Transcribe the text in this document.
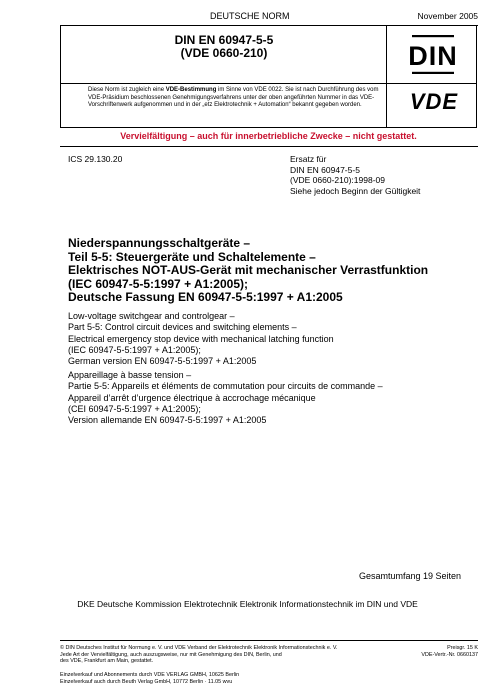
DEUTSCHE NORM	November 2005
DIN EN 60947-5-5
(VDE 0660-210)
Diese Norm ist zugleich eine VDE-Bestimmung im Sinne von VDE 0022. Sie ist nach Durchführung des vom VDE-Präsidium beschlossenen Genehmigungsverfahrens unter der oben angeführten Nummer in das VDE-Vorschriftenwerk aufgenommen und in der „etz Elektrotechnik + Automation“ bekannt gegeben worden.
DIN
VDE
Vervielfältigung – auch für innerbetriebliche Zwecke – nicht gestattet.
ICS 29.130.20	Ersatz für
DIN EN 60947-5-5
(VDE 0660-210):1998-09
Siehe jedoch Beginn der Gültigkeit
Niederspannungsschaltgeräte –
Teil 5-5: Steuergeräte und Schaltelemente –
Elektrisches NOT-AUS-Gerät mit mechanischer Verrastfunktion
(IEC 60947-5-5:1997 + A1:2005);
Deutsche Fassung EN 60947-5-5:1997 + A1:2005
Low-voltage switchgear and controlgear –
Part 5-5: Control circuit devices and switching elements –
Electrical emergency stop device with mechanical latching function
(IEC 60947-5-5:1997 + A1:2005);
German version EN 60947-5-5:1997 + A1:2005
Appareillage à basse tension –
Partie 5-5: Appareils et éléments de commutation pour circuits de commande –
Appareil d’arrêt d’urgence électrique à accrochage mécanique
(CEI 60947-5-5:1997 + A1:2005);
Version allemande EN 60947-5-5:1997 + A1:2005
Gesamtumfang 19 Seiten
DKE Deutsche Kommission Elektrotechnik Elektronik Informationstechnik im DIN und VDE
© DIN Deutsches Institut für Normung e. V. und VDE Verband der Elektrotechnik Elektronik Informationstechnik e. V.
Jede Art der Vervielfältigung, auch auszugsweise, nur mit Genehmigung des DIN, Berlin, und
des VDE, Frankfurt am Main, gestattet.
Preisgr. 15 K
VDE-Vertr.-Nr. 0660137
Einzelverkauf und Abonnements durch VDE VERLAG GMBH, 10625 Berlin
Einzelverkauf auch durch Beuth Verlag GmbH, 10772 Berlin · 11.05 wvu
